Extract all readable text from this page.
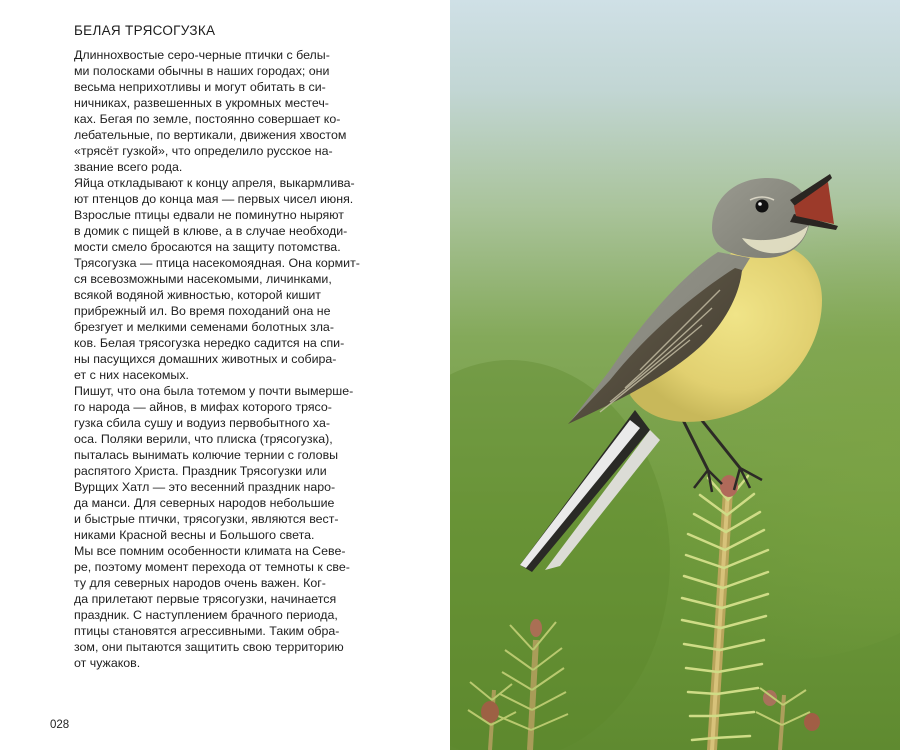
БЕЛАЯ ТРЯСОГУЗКА

Длиннохвостые серо-черные птички с белы-
ми полосками обычны в наших городах; они
весьма неприхотливы и могут обитать в си-
ничниках, развешенных в укромных местеч-
ках. Бегая по земле, постоянно совершает ко-
лебательные, по вертикали, движения хвостом
«трясёт гузкой», что определило русское на-
звание всего рода.

Яйца откладывают к концу апреля, выкармлива-
ют птенцов до конца мая — первых чисел июня.
Взрослые птицы едвали не поминутно ныряют
в домик с пищей в клюве, а в случае необходи-
мости смело бросаются на защиту потомства.

Трясогузка — птица насекомоядная. Она кормит-
ся всевозможными насекомыми, личинками,
всякой водяной живностью, которой кишит
прибрежный ил. Во время походаний она не
брезгует и мелкими семенами болотных зла-
ков. Белая трясогузка нередко садится на спи-
ны пасущихся домашних животных и собира-
ет с них насекомых.

Пишут, что она была тотемом у почти вымерше-
го народа — айнов, в мифах которого трясо-
гузка сбила сушу и водуиз первобытного ха-
оса. Поляки верили, что плиска (трясогузка),
пыталась вынимать колючие тернии с головы
распятого Христа. Праздник Трясогузки или
Вурщих Хатл — это весенний праздник наро-
да манси. Для северных народов небольшие
и быстрые птички, трясогузки, являются вест-
никами Красной весны и Большого света.

Мы все помним особенности климата на Севе-
ре, поэтому момент перехода от темноты к све-
ту для северных народов очень важен. Ког-
да прилетают первые трясогузки, начинается
праздник. С наступлением брачного периода,
птицы становятся агрессивными. Таким обра-
зом, они пытаются защитить свою территорию
от чужаков.

028
